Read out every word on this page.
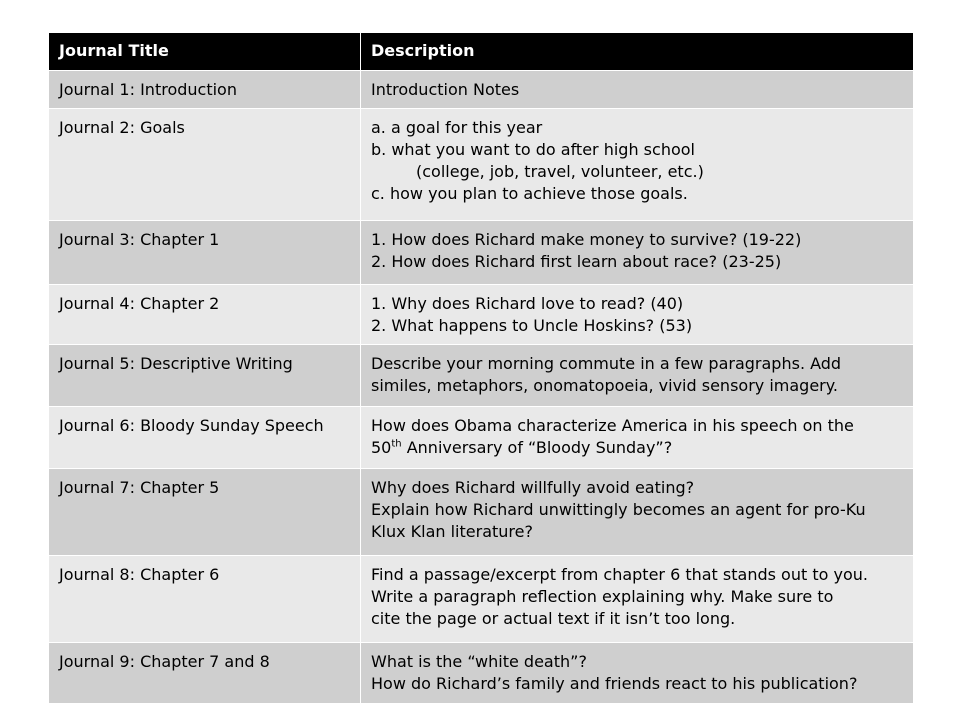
Journal Title	Description
Journal 1: Introduction	Introduction Notes

Journal 2: Goals	a. a goal for this year
b. what you want to do after high school
(college, job, travel, volunteer, etc.)
c. how you plan to achieve those goals.

Journal 3: Chapter 1	1. How does Richard make money to survive? (19-22)
2. How does Richard first learn about race? (23-25)

Journal 4: Chapter 2	1. Why does Richard love to read? (40)
2. What happens to Uncle Hoskins? (53)

Journal 5: Descriptive Writing	Describe your morning commute in a few paragraphs. Add
similes, metaphors, onomatopoeia, vivid sensory imagery.

Journal 6: Bloody Sunday Speech	How does Obama characterize America in his speech on the
50th Anniversary of “Bloody Sunday”?

Journal 7: Chapter 5	Why does Richard willfully avoid eating?
Explain how Richard unwittingly becomes an agent for pro-Ku
Klux Klan literature?

Journal 8: Chapter 6	Find a passage/excerpt from chapter 6 that stands out to you.
Write a paragraph reflection explaining why. Make sure to
cite the page or actual text if it isn’t too long.

Journal 9: Chapter 7 and 8	What is the “white death”?
How do Richard’s family and friends react to his publication?
